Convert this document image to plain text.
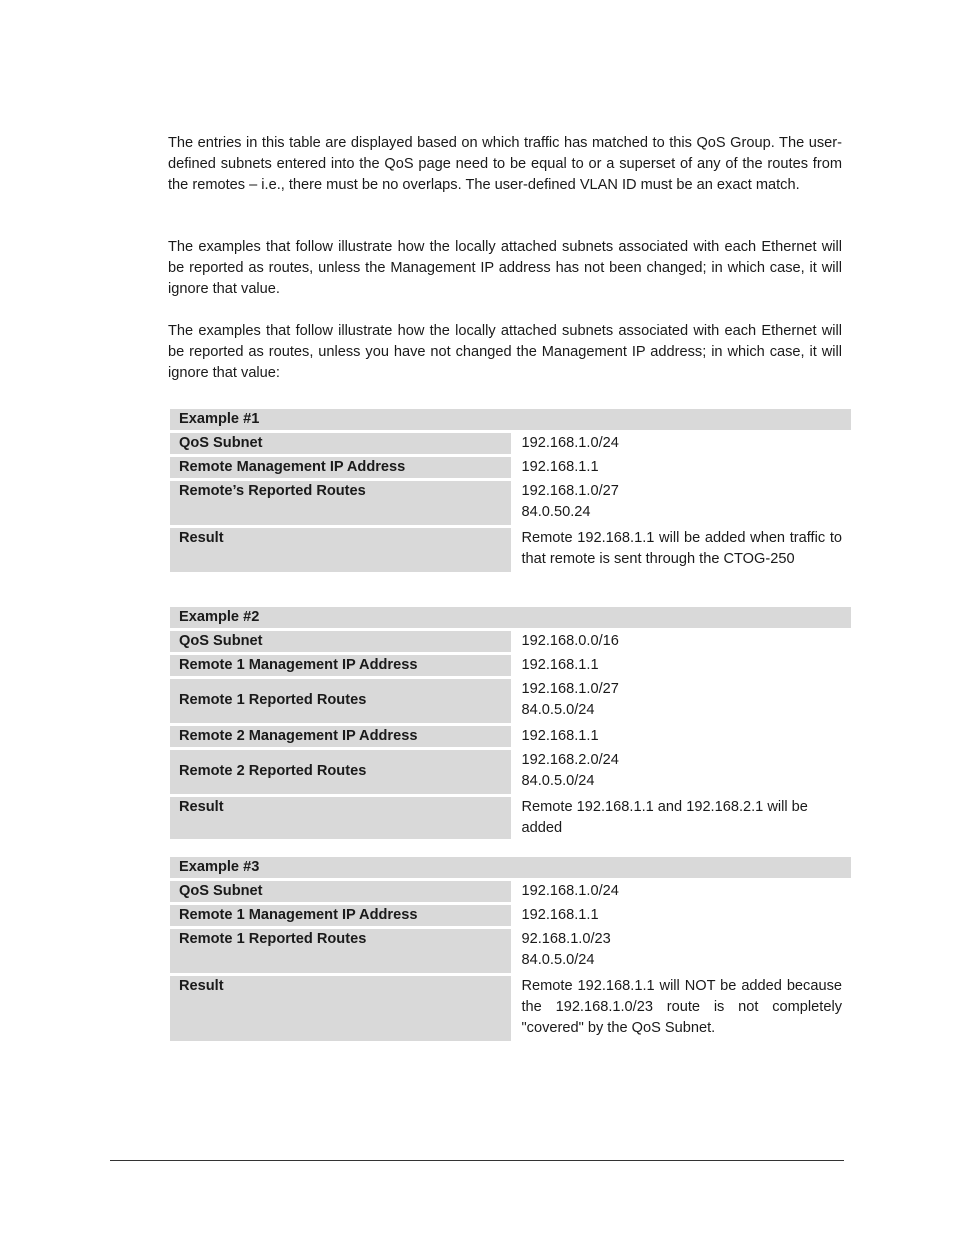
The entries in this table are displayed based on which traffic has matched to this QoS Group. The user-defined subnets entered into the QoS page need to be equal to or a superset of any of the routes from the remotes – i.e., there must be no overlaps. The user-defined VLAN ID must be an exact match.

The examples that follow illustrate how the locally attached subnets associated with each Ethernet will be reported as routes, unless the Management IP address has not been changed; in which case, it will ignore that value.

The examples that follow illustrate how the locally attached subnets associated with each Ethernet will be reported as routes, unless you have not changed the Management IP address; in which case, it will ignore that value:

Example #1	
QoS Subnet	192.168.1.0/24
Remote Management IP Address	192.168.1.1
Remote’s Reported Routes	192.168.1.0/27
84.0.50.24

Result	Remote 192.168.1.1 will be added when traffic to that remote is sent through the CTOG-250
Example #2	
QoS Subnet	192.168.0.0/16
Remote 1 Management IP Address	192.168.1.1
Remote 1 Reported Routes	192.168.1.0/27
84.0.5.0/24

Remote 2 Management IP Address	192.168.1.1
Remote 2 Reported Routes	192.168.2.0/24
84.0.5.0/24

Result	Remote 192.168.1.1 and 192.168.2.1 will be added
Example #3	
QoS Subnet	192.168.1.0/24
Remote 1 Management IP Address	192.168.1.1
Remote 1 Reported Routes	92.168.1.0/23
84.0.5.0/24

Result	Remote 192.168.1.1 will NOT be added because the 192.168.1.0/23 route is not completely "covered" by the QoS Subnet.
